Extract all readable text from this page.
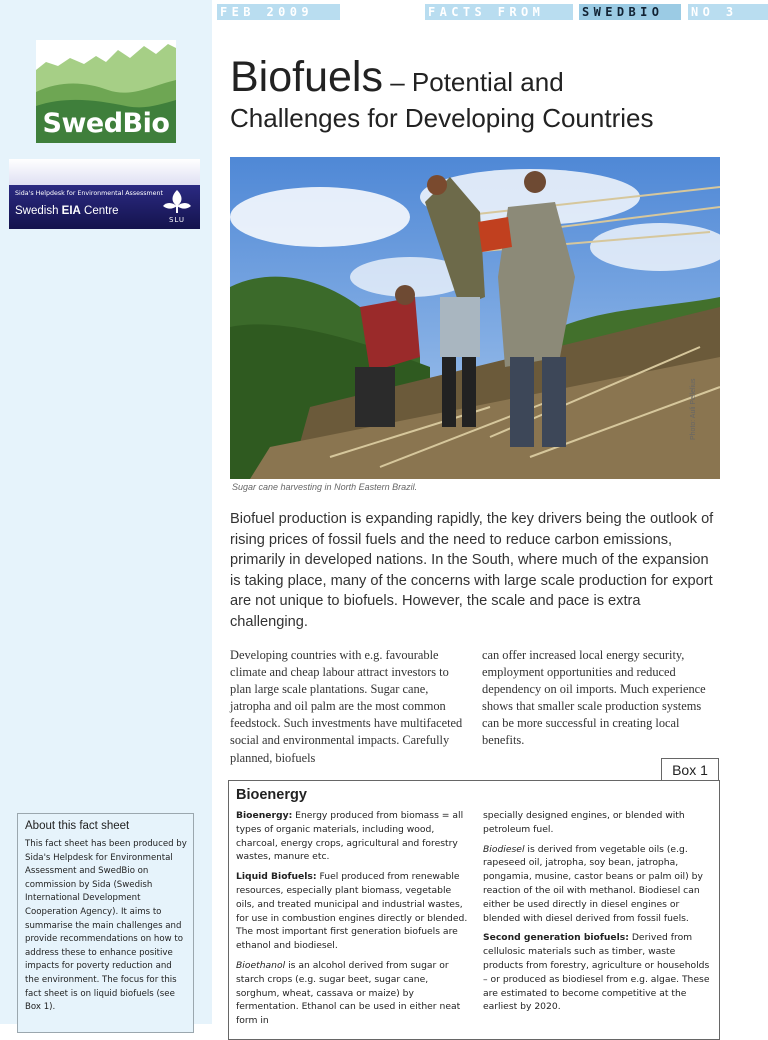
SwedBio
Sida's Helpdesk for Environmental Assessment
Swedish EIA Centre
SLU
About this fact sheet

This fact sheet has been produced by Sida's Helpdesk for Environmental Assessment and SwedBio on commission by Sida (Swedish International Development Cooperation Agency). It aims to summarise the main challenges and provide recommendations on how to address these to enhance positive impacts for poverty reduction and the environment. The focus for this fact sheet is on liquid biofuels (see Box 1).

FEB 2009	FACTS FROM	SWEDBIO	NO 3
Biofuels – Potential and
Challenges for Developing Countries
Sugar cane harvesting in North Eastern Brazil.
Photo: Auli Pellelius

Biofuel production is expanding rapidly, the key drivers being the outlook of rising prices of fossil fuels and the need to reduce carbon emissions, primarily in developed nations. In the South, where much of the expansion is taking place, many of the concerns with large scale production for export are not unique to biofuels. However, the scale and pace is extra challenging.

Developing countries with e.g. favourable climate and cheap labour attract investors to plan large scale plantations. Sugar cane, jatropha and oil palm are the most common feedstock. Such investments have multifaceted social and environmental impacts. Carefully planned, biofuels

can offer increased local energy security, employment opportunities and reduced dependency on oil imports. Much experience shows that smaller scale production systems can be more successful in creating local benefits.

Box 1
Bioenergy

Bioenergy: Energy produced from biomass = all types of organic materials, including wood, charcoal, energy crops, agricultural and forestry wastes, manure etc.

Liquid Biofuels: Fuel produced from renewable resources, especially plant biomass, vegetable oils, and treated municipal and industrial wastes, for use in combustion engines directly or blended. The most important first generation biofuels are ethanol and biodiesel.

Bioethanol is an alcohol derived from sugar or starch crops (e.g. sugar beet, sugar cane, sorghum, wheat, cassava or maize) by fermentation. Ethanol can be used in either neat form in

specially designed engines, or blended with petroleum fuel.

Biodiesel is derived from vegetable oils (e.g. rapeseed oil, jatropha, soy bean, jatropha, pongamia, musine, castor beans or palm oil) by reaction of the oil with methanol. Biodiesel can either be used directly in diesel engines or blended with diesel derived from fossil fuels.

Second generation biofuels: Derived from cellulosic materials such as timber, waste products from forestry, agriculture or households – or produced as biodiesel from e.g. algae. These are estimated to become competitive at the earliest by 2020.
